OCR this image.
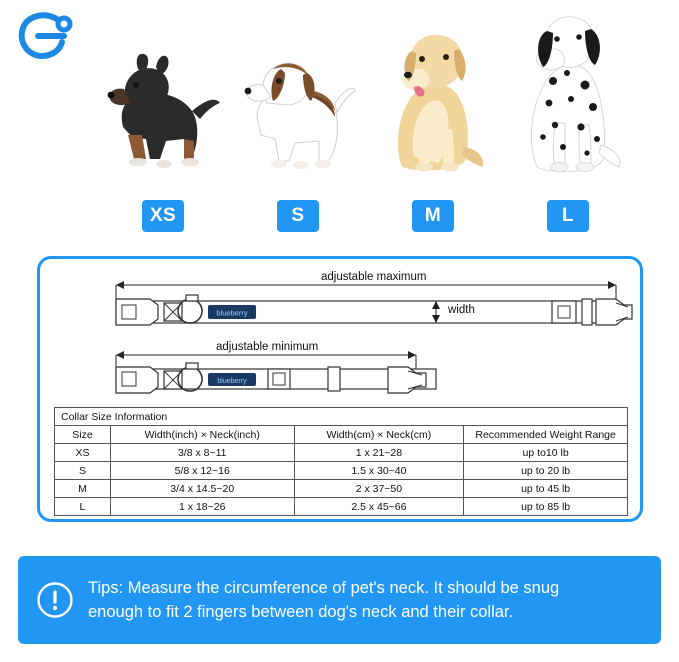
XS	S	M	L
blueberry
blueberry
adjustable maximum
adjustable minimum
width
Collar Size Information			
Size	Width(inch) × Neck(inch)	Width(cm) × Neck(cm)	Recommended Weight Range
XS	3/8 x 8~11	1 x 21~28	up to10 lb
S	5/8 x 12~16	1.5 x 30~40	up to 20 lb
M	3/4 x 14.5~20	2 x 37~50	up to 45 lb
L	1 x 18~26	2.5 x 45~66	up to 85 lb
Tips: Measure the circumference of pet's neck. It should be snug
enough to fit 2 fingers between dog's neck and their collar.
